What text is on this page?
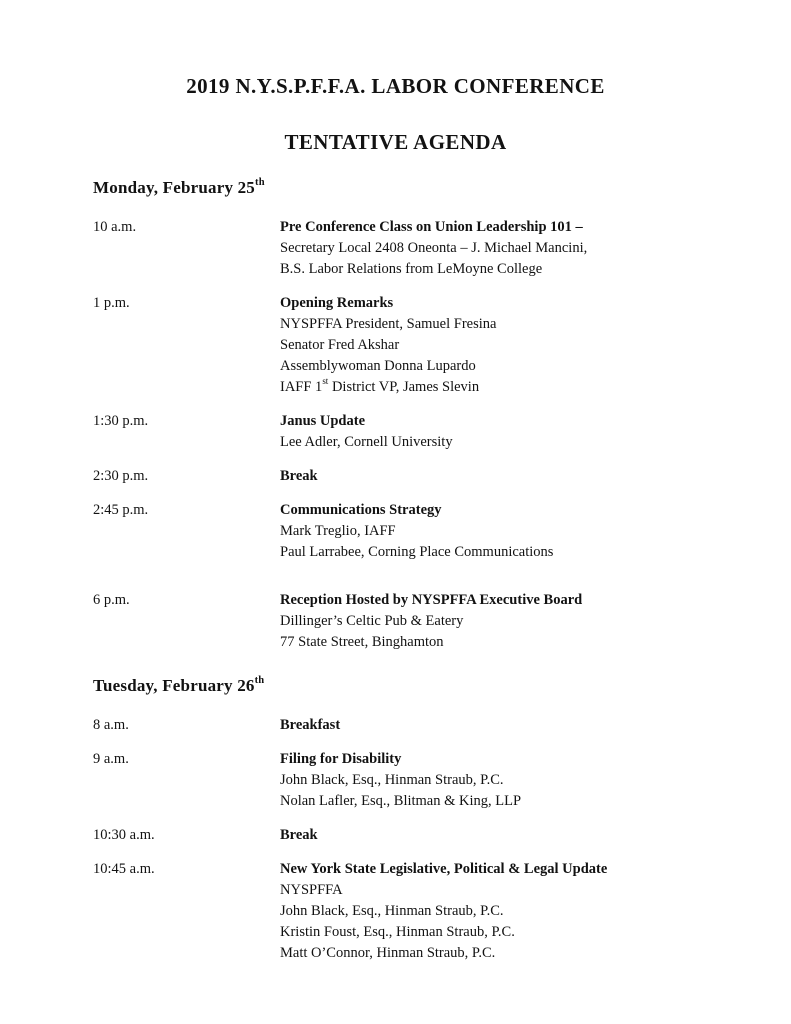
2019 N.Y.S.P.F.F.A. LABOR CONFERENCE
TENTATIVE AGENDA
Monday, February 25th
10 a.m.	Pre Conference Class on Union Leadership 101 –
Secretary Local 2408 Oneonta – J. Michael Mancini,
B.S. Labor Relations from LeMoyne College
1 p.m.	Opening Remarks
NYSPFFA President, Samuel Fresina
Senator Fred Akshar
Assemblywoman Donna Lupardo
IAFF 1st District VP, James Slevin
1:30 p.m.	Janus Update
Lee Adler, Cornell University
2:30 p.m.	Break
2:45 p.m.	Communications Strategy
Mark Treglio, IAFF
Paul Larrabee, Corning Place Communications
6 p.m.	Reception Hosted by NYSPFFA Executive Board
Dillinger’s Celtic Pub & Eatery
77 State Street, Binghamton
Tuesday, February 26th
8 a.m.	Breakfast
9 a.m.	Filing for Disability
John Black, Esq., Hinman Straub, P.C.
Nolan Lafler, Esq., Blitman & King, LLP
10:30 a.m.	Break
10:45 a.m.	New York State Legislative, Political & Legal Update
NYSPFFA
John Black, Esq., Hinman Straub, P.C.
Kristin Foust, Esq., Hinman Straub, P.C.
Matt O’Connor, Hinman Straub, P.C.
